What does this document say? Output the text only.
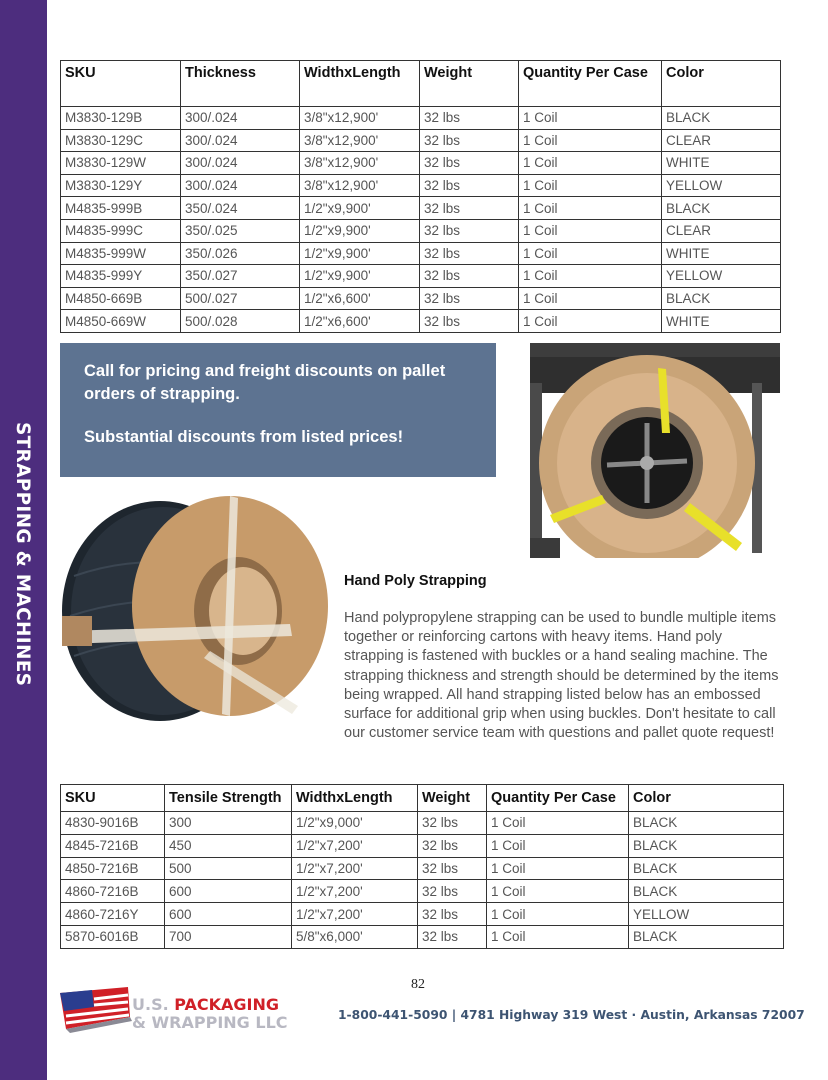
STRAPPING & MACHINES
SKU	Thickness	WidthxLength	Weight	Quantity Per Case	Color
M3830-129B	300/.024	3/8"x12,900'	32 lbs	1 Coil	BLACK
M3830-129C	300/.024	3/8"x12,900'	32 lbs	1 Coil	CLEAR
M3830-129W	300/.024	3/8"x12,900'	32 lbs	1 Coil	WHITE
M3830-129Y	300/.024	3/8"x12,900'	32 lbs	1 Coil	YELLOW
M4835-999B	350/.024	1/2"x9,900'	32 lbs	1 Coil	BLACK
M4835-999C	350/.025	1/2"x9,900'	32 lbs	1 Coil	CLEAR
M4835-999W	350/.026	1/2"x9,900'	32 lbs	1 Coil	WHITE
M4835-999Y	350/.027	1/2"x9,900'	32 lbs	1 Coil	YELLOW
M4850-669B	500/.027	1/2"x6,600'	32 lbs	1 Coil	BLACK
M4850-669W	500/.028	1/2"x6,600'	32 lbs	1 Coil	WHITE

Call for pricing and freight discounts on pallet orders of strapping.

Substantial discounts from listed prices!

Hand Poly Strapping

Hand polypropylene strapping can be used to bundle multiple items together or reinforcing cartons with heavy items. Hand poly strapping is fastened with buckles or a hand sealing machine. The strapping thickness and strength should be determined by the items being wrapped. All hand strapping listed below has an embossed surface for additional grip when using buckles. Don't hesitate to call our customer service team with questions and pallet quote request!

SKU	Tensile Strength	WidthxLength	Weight	Quantity Per Case	Color
4830-9016B	300	1/2"x9,000'	32 lbs	1 Coil	BLACK
4845-7216B	450	1/2"x7,200'	32 lbs	1 Coil	BLACK
4850-7216B	500	1/2"x7,200'	32 lbs	1 Coil	BLACK
4860-7216B	600	1/2"x7,200'	32 lbs	1 Coil	BLACK
4860-7216Y	600	1/2"x7,200'	32 lbs	1 Coil	YELLOW
5870-6016B	700	5/8"x6,000'	32 lbs	1 Coil	BLACK
82
U.S. PACKAGING
& WRAPPING LLC	1-800-441-5090 | 4781 Highway 319 West · Austin, Arkansas 72007
